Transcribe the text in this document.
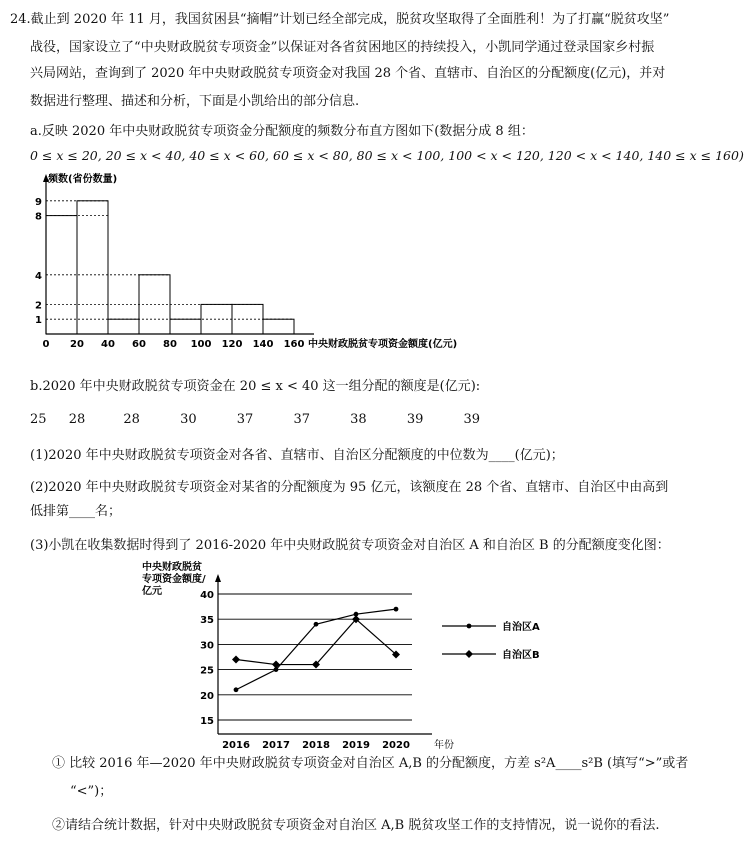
24.截止到 2020 年 11 月，我国贫困县“摘帽”计划已经全部完成，脱贫攻坚取得了全面胜利！为了打赢“脱贫攻坚”
战役，国家设立了“中央财政脱贫专项资金”以保证对各省贫困地区的持续投入，小凯同学通过登录国家乡村振
兴局网站，查询到了 2020 年中央财政脱贫专项资金对我国 28 个省、直辖市、自治区的分配额度(亿元)，并对
数据进行整理、描述和分析，下面是小凯给出的部分信息.
a.反映 2020 年中央财政脱贫专项资金分配额度的频数分布直方图如下(数据分成 8 组：
0 ≤ x ≤ 20, 20 ≤ x < 40, 40 ≤ x < 60, 60 ≤ x < 80, 80 ≤ x < 100, 100 < x < 120, 120 < x < 140, 140 ≤ x ≤ 160)
1
2
4
8
9
0 20 40 60 80 100 120 140 160
频数(省份数量)
中央财政脱贫专项资金额度(亿元)
b.2020 年中央财政脱贫专项资金在 20 ≤ x < 40 这一组分配的额度是(亿元):
25 28	28	30	37	37	38	39	39
(1)2020 年中央财政脱贫专项资金对各省、直辖市、自治区分配额度的中位数为____(亿元)；
(2)2020 年中央财政脱贫专项资金对某省的分配额度为 95 亿元，该额度在 28 个省、直辖市、自治区中由高到
低排第____名；
(3)小凯在收集数据时得到了 2016-2020 年中央财政脱贫专项资金对自治区 A 和自治区 B 的分配额度变化图：
15
20
25
30
35
40
2016 2017 2018 2019 2020 年份
中央财政脱贫专项资金额度/亿元
自治区A
自治区B
① 比较 2016 年—2020 年中央财政脱贫专项资金对自治区 A,B 的分配额度，方差 s²A____s²B (填写“>”或者
“<”)；
②请结合统计数据，针对中央财政脱贫专项资金对自治区 A,B 脱贫攻坚工作的支持情况，说一说你的看法.
